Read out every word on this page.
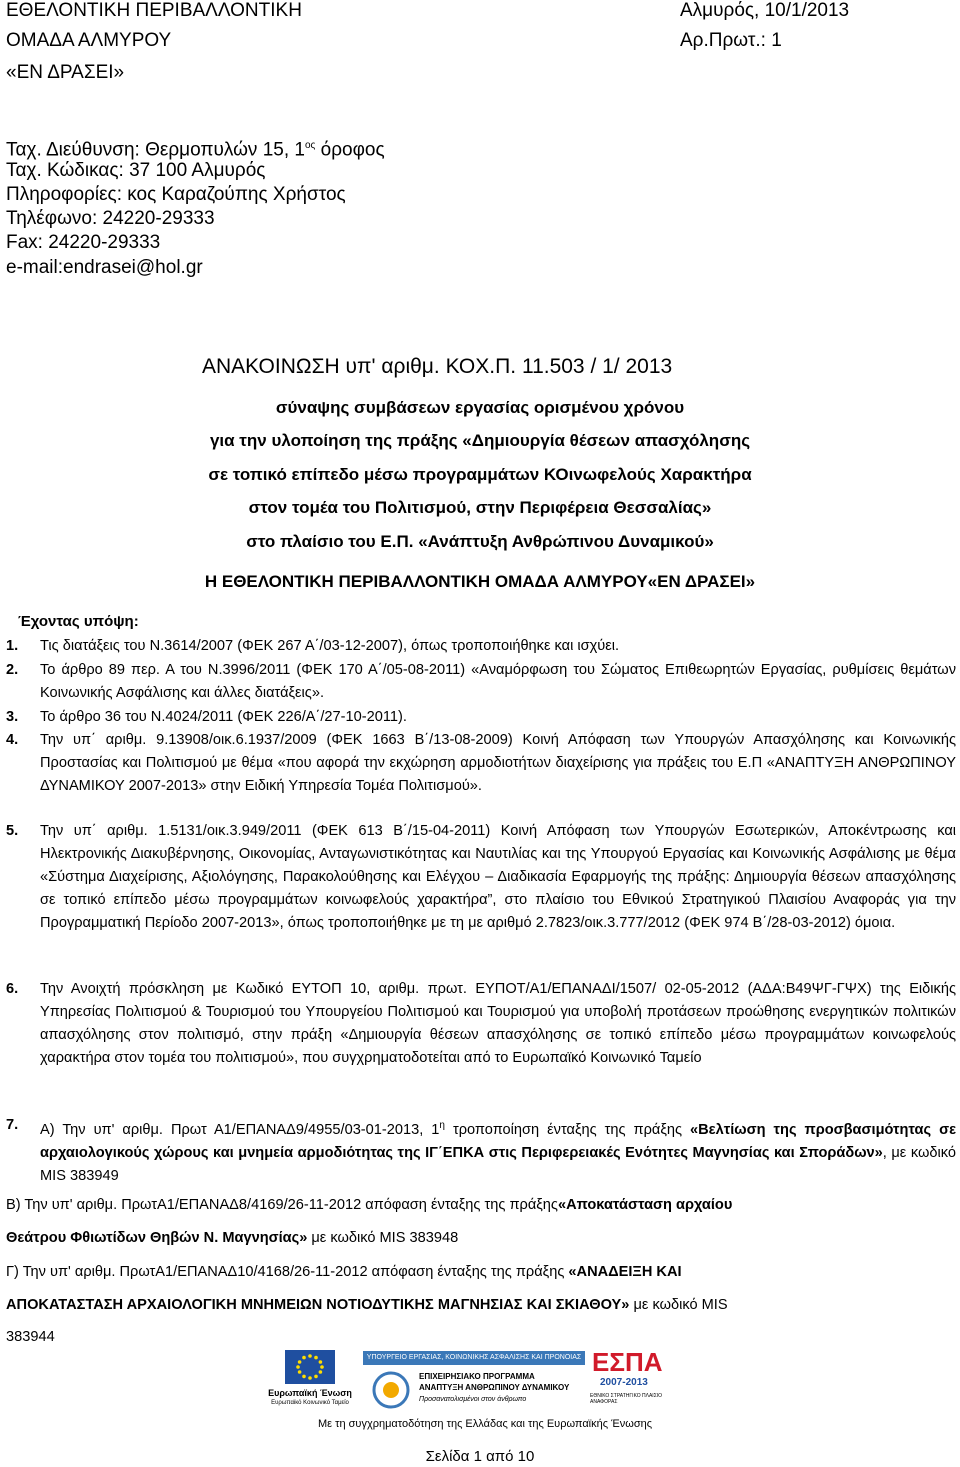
ΕΘΕΛΟΝΤΙΚΗ ΠΕΡΙΒΑΛΛΟΝΤΙΚΗ
ΟΜΑΔΑ ΑΛΜΥΡΟΥ
«ΕΝ ΔΡΑΣΕΙ»
Αλμυρός, 10/1/2013
Αρ.Πρωτ.: 1
Ταχ. Διεύθυνση: Θερμοπυλών 15, $1^{o\varsigma}$ όροφος
Ταχ. Κώδικας: 37 100 Αλμυρός
Πληροφορίες: κος Καραζούπης Χρήστος
Τηλέφωνο: 24220-29333
Fax: 24220-29333
e-mail:endrasei@hol.gr
ΑΝΑΚΟΙΝΩΣΗ υπ' αριθμ. ΚΟΧ.Π. 11.503 / 1/ 2013
σύναψης συμβάσεων εργασίας ορισμένου χρόνου
για την υλοποίηση της πράξης «Δημιουργία θέσεων απασχόλησης
σε τοπικό επίπεδο μέσω προγραμμάτων ΚΟινωφελούς Χαρακτήρα
στον τομέα του Πολιτισμού, στην Περιφέρεια Θεσσαλίας»
στο πλαίσιο του Ε.Π. «Ανάπτυξη Ανθρώπινου Δυναμικού»
Η ΕΘΕΛΟΝΤΙΚΗ ΠΕΡΙΒΑΛΛΟΝΤΙΚΗ ΟΜΑΔΑ ΑΛΜΥΡΟΥ«ΕΝ ΔΡΑΣΕΙ»
Έχοντας υπόψη:
1. Τις διατάξεις του Ν.3614/2007 (ΦΕΚ 267 Α΄/03-12-2007), όπως τροποποιήθηκε και ισχύει.
2. Το άρθρο 89 περ. Α του Ν.3996/2011 (ΦΕΚ 170 Α΄/05-08-2011) «Αναμόρφωση του Σώματος Επιθεωρητών Εργασίας, ρυθμίσεις θεμάτων Κοινωνικής Ασφάλισης και άλλες διατάξεις».
3. Το άρθρο 36 του Ν.4024/2011 (ΦΕΚ 226/Α΄/27-10-2011).
4. Την υπ΄ αριθμ. 9.13908/οικ.6.1937/2009 (ΦΕΚ 1663 Β΄/13-08-2009) Κοινή Απόφαση των Υπουργών Απασχόλησης και Κοινωνικής Προστασίας και Πολιτισμού με θέμα «που αφορά την εκχώρηση αρμοδιοτήτων διαχείρισης για πράξεις του Ε.Π «ΑΝΑΠΤΥΞΗ ΑΝΘΡΩΠΙΝΟΥ ΔΥΝΑΜΙΚΟΥ 2007-2013» στην Ειδική Υπηρεσία Τομέα Πολιτισμού».
5. Την υπ΄ αριθμ. 1.5131/οικ.3.949/2011 (ΦΕΚ 613 Β΄/15-04-2011) Κοινή Απόφαση των Υπουργών Εσωτερικών, Αποκέντρωσης και Ηλεκτρονικής Διακυβέρνησης, Οικονομίας, Ανταγωνιστικότητας και Ναυτιλίας και της Υπουργού Εργασίας και Κοινωνικής Ασφάλισης με θέμα «Σύστημα Διαχείρισης, Αξιολόγησης, Παρακολούθησης και Ελέγχου – Διαδικασία Εφαρμογής της πράξης: Δημιουργία θέσεων απασχόλησης σε τοπικό επίπεδο μέσω προγραμμάτων κοινωφελούς χαρακτήρα”, στο πλαίσιο του Εθνικού Στρατηγικού Πλαισίου Αναφοράς για την Προγραμματική Περίοδο 2007-2013», όπως τροποποιήθηκε με τη με αριθμό 2.7823/οικ.3.777/2012 (ΦΕΚ 974 Β΄/28-03-2012) όμοια.
6. Την Ανοιχτή πρόσκληση με Κωδικό ΕΥΤΟΠ 10, αριθμ. πρωτ. ΕΥΠΟΤ/Α1/ΕΠΑΝΑΔΙ/1507/ 02-05-2012 (ΑΔΑ:Β49ΨΓ-ΓΨΧ) της Ειδικής Υπηρεσίας Πολιτισμού & Τουρισμού του Υπουργείου Πολιτισμού και Τουρισμού για υποβολή προτάσεων προώθησης ενεργητικών πολιτικών απασχόλησης στον πολιτισμό, στην πράξη «Δημιουργία θέσεων απασχόλησης σε τοπικό επίπεδο μέσω προγραμμάτων κοινωφελούς χαρακτήρα στον τομέα του πολιτισμού», που συγχρηματοδοτείται από το Ευρωπαϊκό Κοινωνικό Ταμείο
7. Α) Την υπ' αριθμ. Πρωτ Α1/ΕΠΑΝΑΔ9/4955/03-01-2013, $1^\eta$ τροποποίηση ένταξης της πράξης «Βελτίωση της προσβασιμότητας σε αρχαιολογικούς χώρους και μνημεία αρμοδιότητας της ΙΓ΄ΕΠΚΑ στις Περιφερειακές Ενότητες Μαγνησίας και Σποράδων», με κωδικό MIS 383949
Β) Την υπ' αριθμ. ΠρωτΑ1/ΕΠΑΝΑΔ8/4169/26-11-2012 απόφαση ένταξης της πράξης«Αποκατάσταση αρχαίου
Θεάτρου Φθιωτίδων Θηβών Ν. Μαγνησίας» με κωδικό MIS 383948
Γ) Την υπ' αριθμ. ΠρωτΑ1/ΕΠΑΝΑΔ10/4168/26-11-2012 απόφαση ένταξης της πράξης «ΑΝΑΔΕΙΞΗ ΚΑΙ
ΑΠΟΚΑΤΑΣΤΑΣΗ ΑΡΧΑΙΟΛΟΓΙΚΗ ΜΝΗΜΕΙΩΝ ΝΟΤΙΟΔΥΤΙΚΗΣ ΜΑΓΝΗΣΙΑΣ ΚΑΙ ΣΚΙΑΘΟΥ» με κωδικό MIS
383944
Ευρωπαϊκή Ένωση
Ευρωπαϊκό Κοινωνικό Ταμείο
ΥΠΟΥΡΓΕΙΟ ΕΡΓΑΣΙΑΣ, ΚΟΙΝΩΝΙΚΗΣ ΑΣΦΑΛΙΣΗΣ ΚΑΙ ΠΡΟΝΟΙΑΣ
ΕΠΙΧΕΙΡΗΣΙΑΚΟ ΠΡΟΓΡΑΜΜΑ
ΑΝΑΠΤΥΞΗ ΑΝΘΡΩΠΙΝΟΥ ΔΥΝΑΜΙΚΟΥ
Προσανατολισμένοι στον άνθρωπο
ΕΣΠΑ
2007-2013
ΕΘΝΙΚΟ ΣΤΡΑΤΗΓΙΚΟ ΠΛΑΙΣΙΟ ΑΝΑΦΟΡΑΣ
Με τη συγχρηματοδότηση της Ελλάδας και της Ευρωπαϊκής Ένωσης
Σελίδα 1 από 10
